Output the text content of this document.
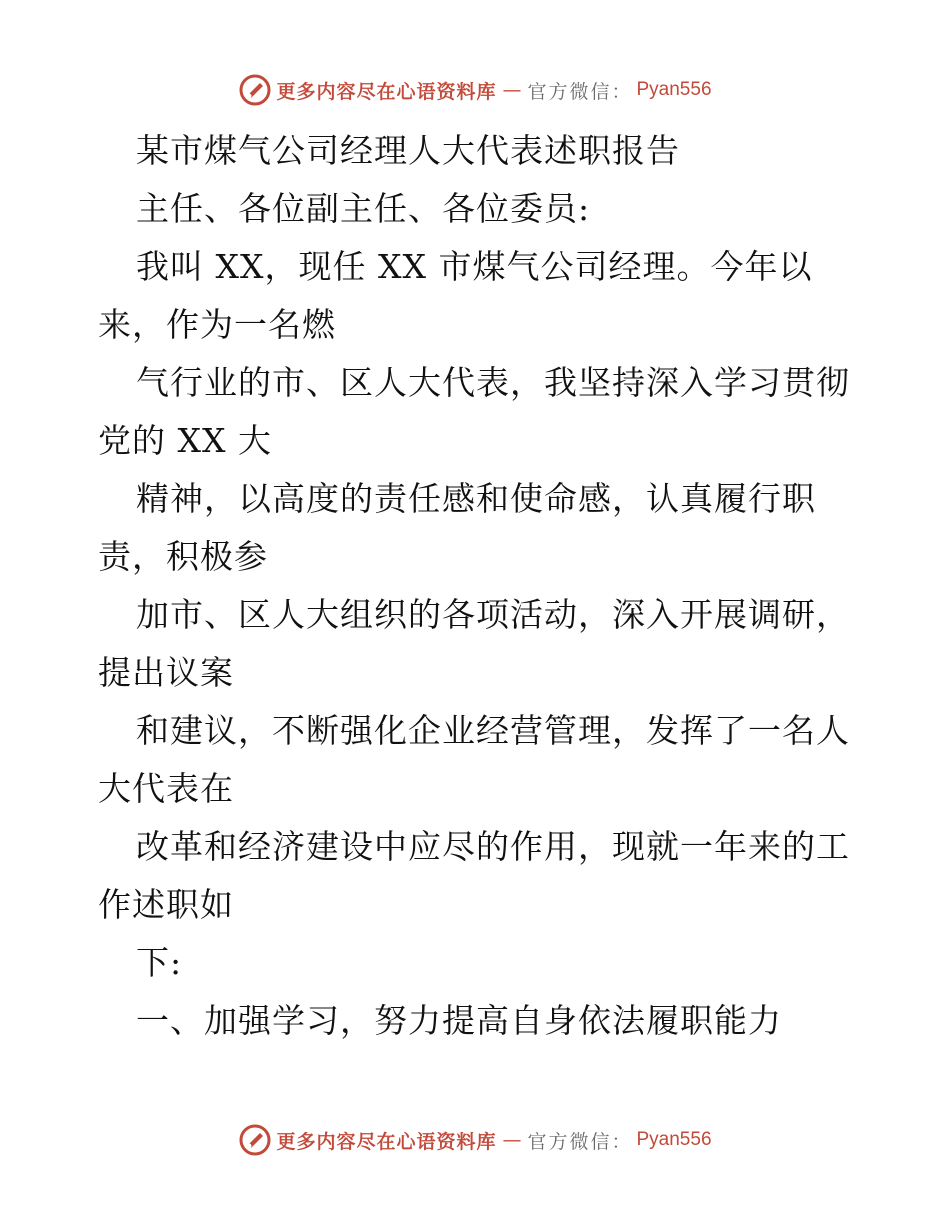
更多内容尽在心语资料库 — 官方微信： Pyan556
某市煤气公司经理人大代表述职报告
主任、各位副主任、各位委员:
我叫 XX，现任 XX 市煤气公司经理。今年以
来，作为一名燃
气行业的市、区人大代表，我坚持深入学习贯彻
党的 XX 大
精神，以高度的责任感和使命感，认真履行职
责，积极参
加市、区人大组织的各项活动，深入开展调研，
提出议案
和建议，不断强化企业经营管理，发挥了一名人
大代表在
改革和经济建设中应尽的作用，现就一年来的工
作述职如
下:
一、加强学习，努力提高自身依法履职能力
更多内容尽在心语资料库 — 官方微信： Pyan556
